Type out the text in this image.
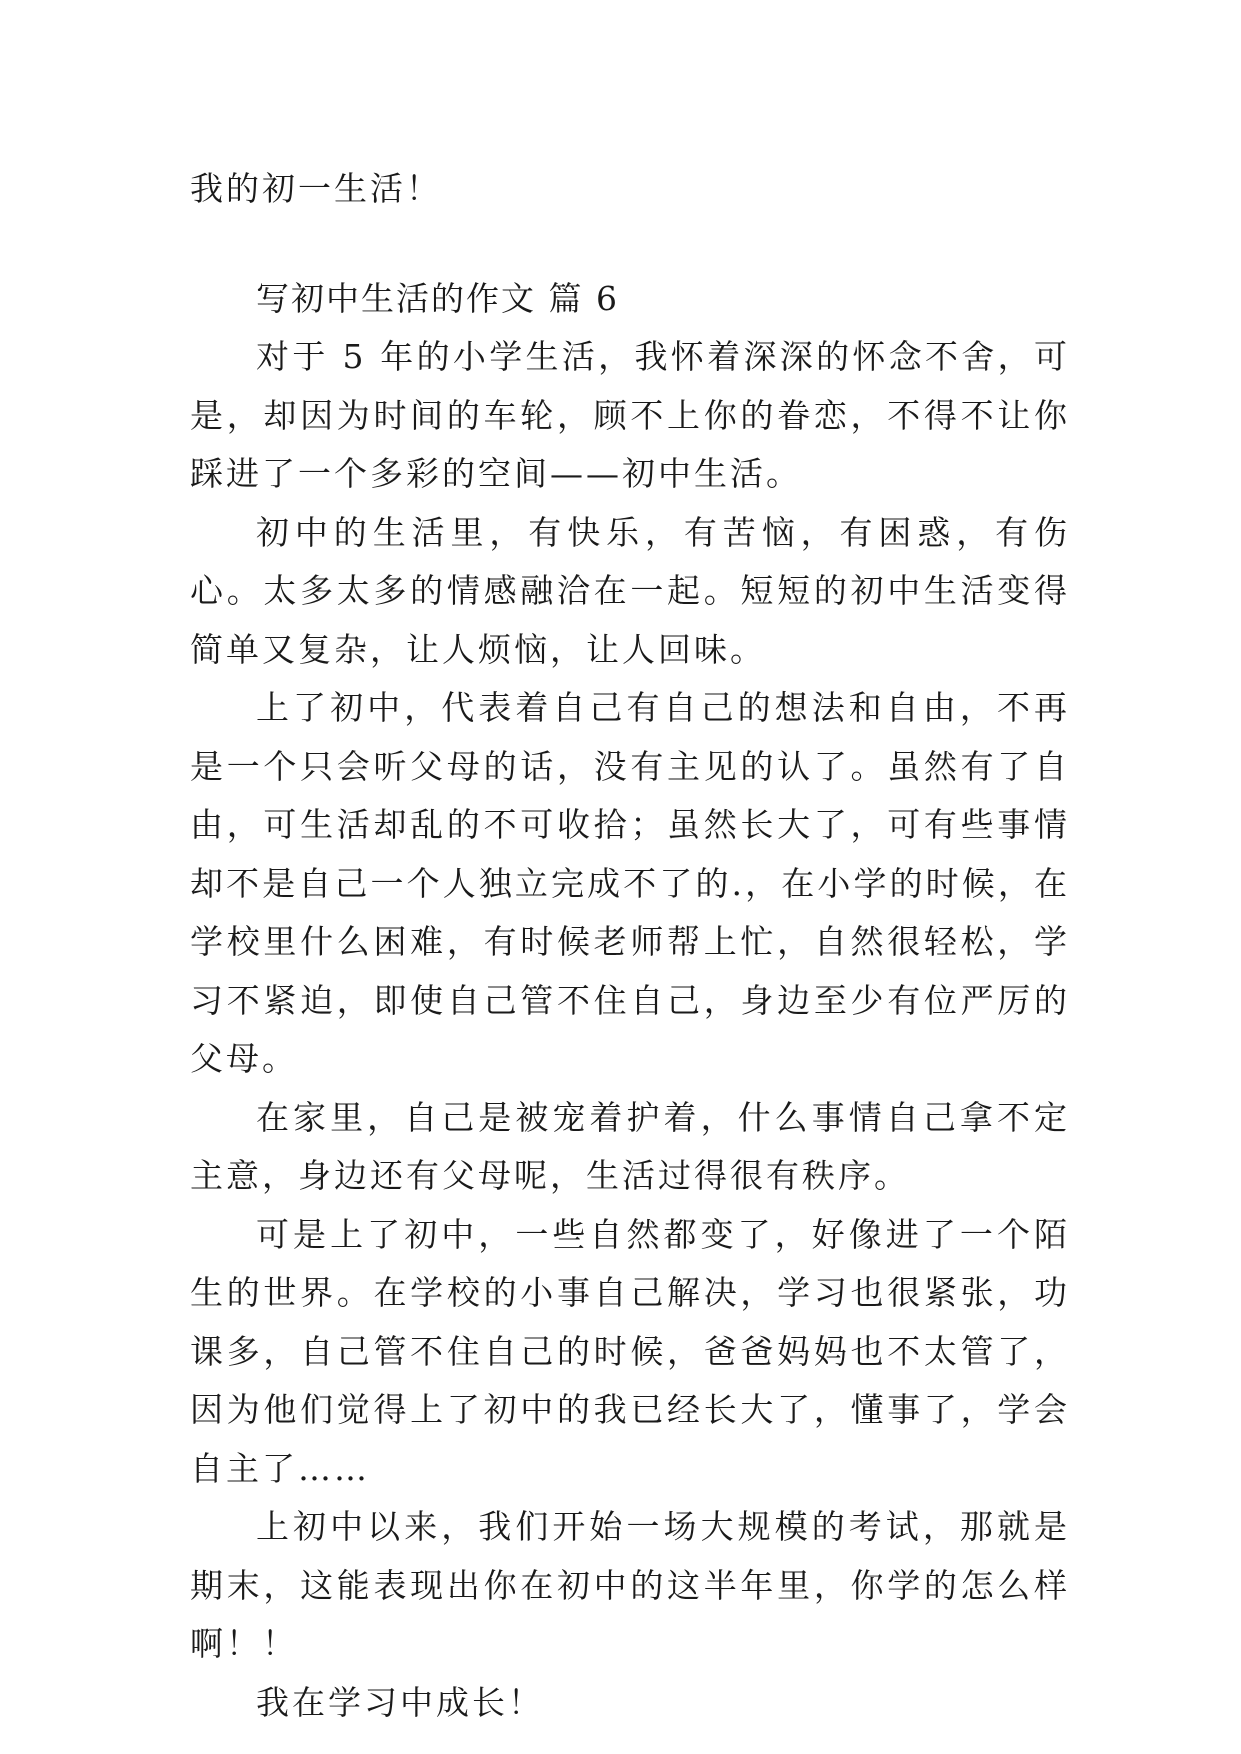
我的初一生活！

写初中生活的作文 篇 6

对于 5 年的小学生活，我怀着深深的怀念不舍，可是，却因为时间的车轮，顾不上你的眷恋，不得不让你踩进了一个多彩的空间——初中生活。

初中的生活里，有快乐，有苦恼，有困惑，有伤心。太多太多的情感融洽在一起。短短的初中生活变得简单又复杂，让人烦恼，让人回味。

上了初中，代表着自己有自己的想法和自由，不再是一个只会听父母的话，没有主见的认了。虽然有了自由，可生活却乱的不可收拾；虽然长大了，可有些事情却不是自己一个人独立完成不了的.，在小学的时候，在学校里什么困难，有时候老师帮上忙，自然很轻松，学习不紧迫，即使自己管不住自己，身边至少有位严厉的父母。

在家里，自己是被宠着护着，什么事情自己拿不定主意，身边还有父母呢，生活过得很有秩序。

可是上了初中，一些自然都变了，好像进了一个陌生的世界。在学校的小事自己解决，学习也很紧张，功课多，自己管不住自己的时候，爸爸妈妈也不太管了，因为他们觉得上了初中的我已经长大了，懂事了，学会自主了……

上初中以来，我们开始一场大规模的考试，那就是期末，这能表现出你在初中的这半年里，你学的怎么样啊！！

我在学习中成长！
